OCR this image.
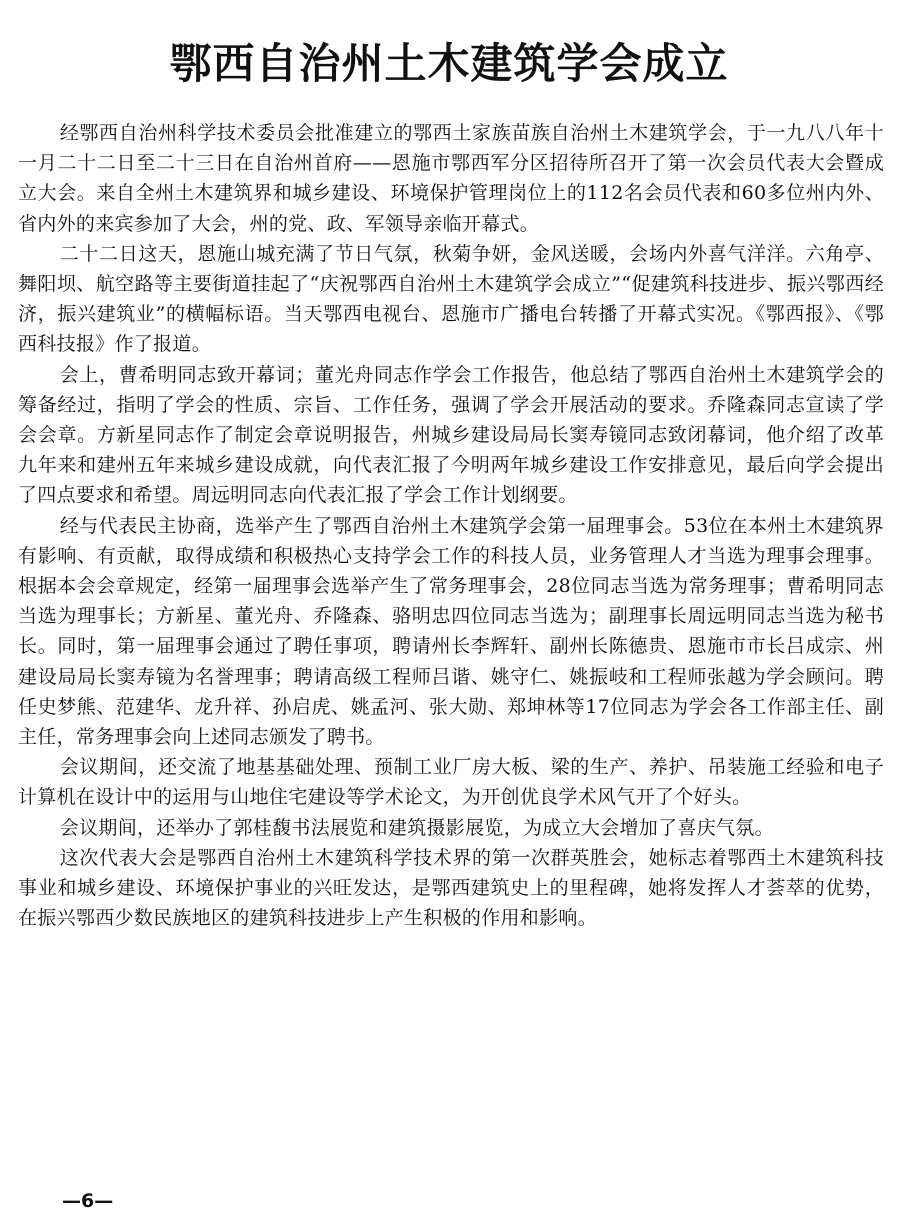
鄂西自治州土木建筑学会成立

经鄂西自治州科学技术委员会批准建立的鄂西土家族苗族自治州土木建筑学会，于一九八八年十一月二十二日至二十三日在自治州首府——恩施市鄂西军分区招待所召开了第一次会员代表大会暨成立大会。来自全州土木建筑界和城乡建设、环境保护管理岗位上的112名会员代表和60多位州内外、省内外的来宾参加了大会，州的党、政、军领导亲临开幕式。

二十二日这天，恩施山城充满了节日气氛，秋菊争妍，金风送暖，会场内外喜气洋洋。六角亭、舞阳坝、航空路等主要街道挂起了“庆祝鄂西自治州土木建筑学会成立”“促建筑科技进步、振兴鄂西经济，振兴建筑业”的横幅标语。当天鄂西电视台、恩施市广播电台转播了开幕式实况。《鄂西报》、《鄂西科技报》作了报道。

会上，曹希明同志致开幕词；董光舟同志作学会工作报告，他总结了鄂西自治州土木建筑学会的筹备经过，指明了学会的性质、宗旨、工作任务，强调了学会开展活动的要求。乔隆森同志宣读了学会会章。方新星同志作了制定会章说明报告，州城乡建设局局长窦寿镜同志致闭幕词，他介绍了改革九年来和建州五年来城乡建设成就，向代表汇报了今明两年城乡建设工作安排意见，最后向学会提出了四点要求和希望。周远明同志向代表汇报了学会工作计划纲要。

经与代表民主协商，选举产生了鄂西自治州土木建筑学会第一届理事会。53位在本州土木建筑界有影响、有贡献，取得成绩和积极热心支持学会工作的科技人员，业务管理人才当选为理事会理事。根据本会会章规定，经第一届理事会选举产生了常务理事会，28位同志当选为常务理事；曹希明同志当选为理事长；方新星、董光舟、乔隆森、骆明忠四位同志当选为；副理事长周远明同志当选为秘书长。同时，第一届理事会通过了聘任事项，聘请州长李辉轩、副州长陈德贵、恩施市市长吕成宗、州建设局局长窦寿镜为名誉理事；聘请高级工程师吕谐、姚守仁、姚振岐和工程师张越为学会顾问。聘任史梦熊、范建华、龙升祥、孙启虎、姚孟河、张大勋、郑坤林等17位同志为学会各工作部主任、副主任，常务理事会向上述同志颁发了聘书。

会议期间，还交流了地基基础处理、预制工业厂房大板、梁的生产、养护、吊装施工经验和电子计算机在设计中的运用与山地住宅建设等学术论文，为开创优良学术风气开了个好头。

会议期间，还举办了郭桂馥书法展览和建筑摄影展览，为成立大会增加了喜庆气氛。

这次代表大会是鄂西自治州土木建筑科学技术界的第一次群英胜会，她标志着鄂西土木建筑科技事业和城乡建设、环境保护事业的兴旺发达，是鄂西建筑史上的里程碑，她将发挥人才荟萃的优势，在振兴鄂西少数民族地区的建筑科技进步上产生积极的作用和影响。

—6—
